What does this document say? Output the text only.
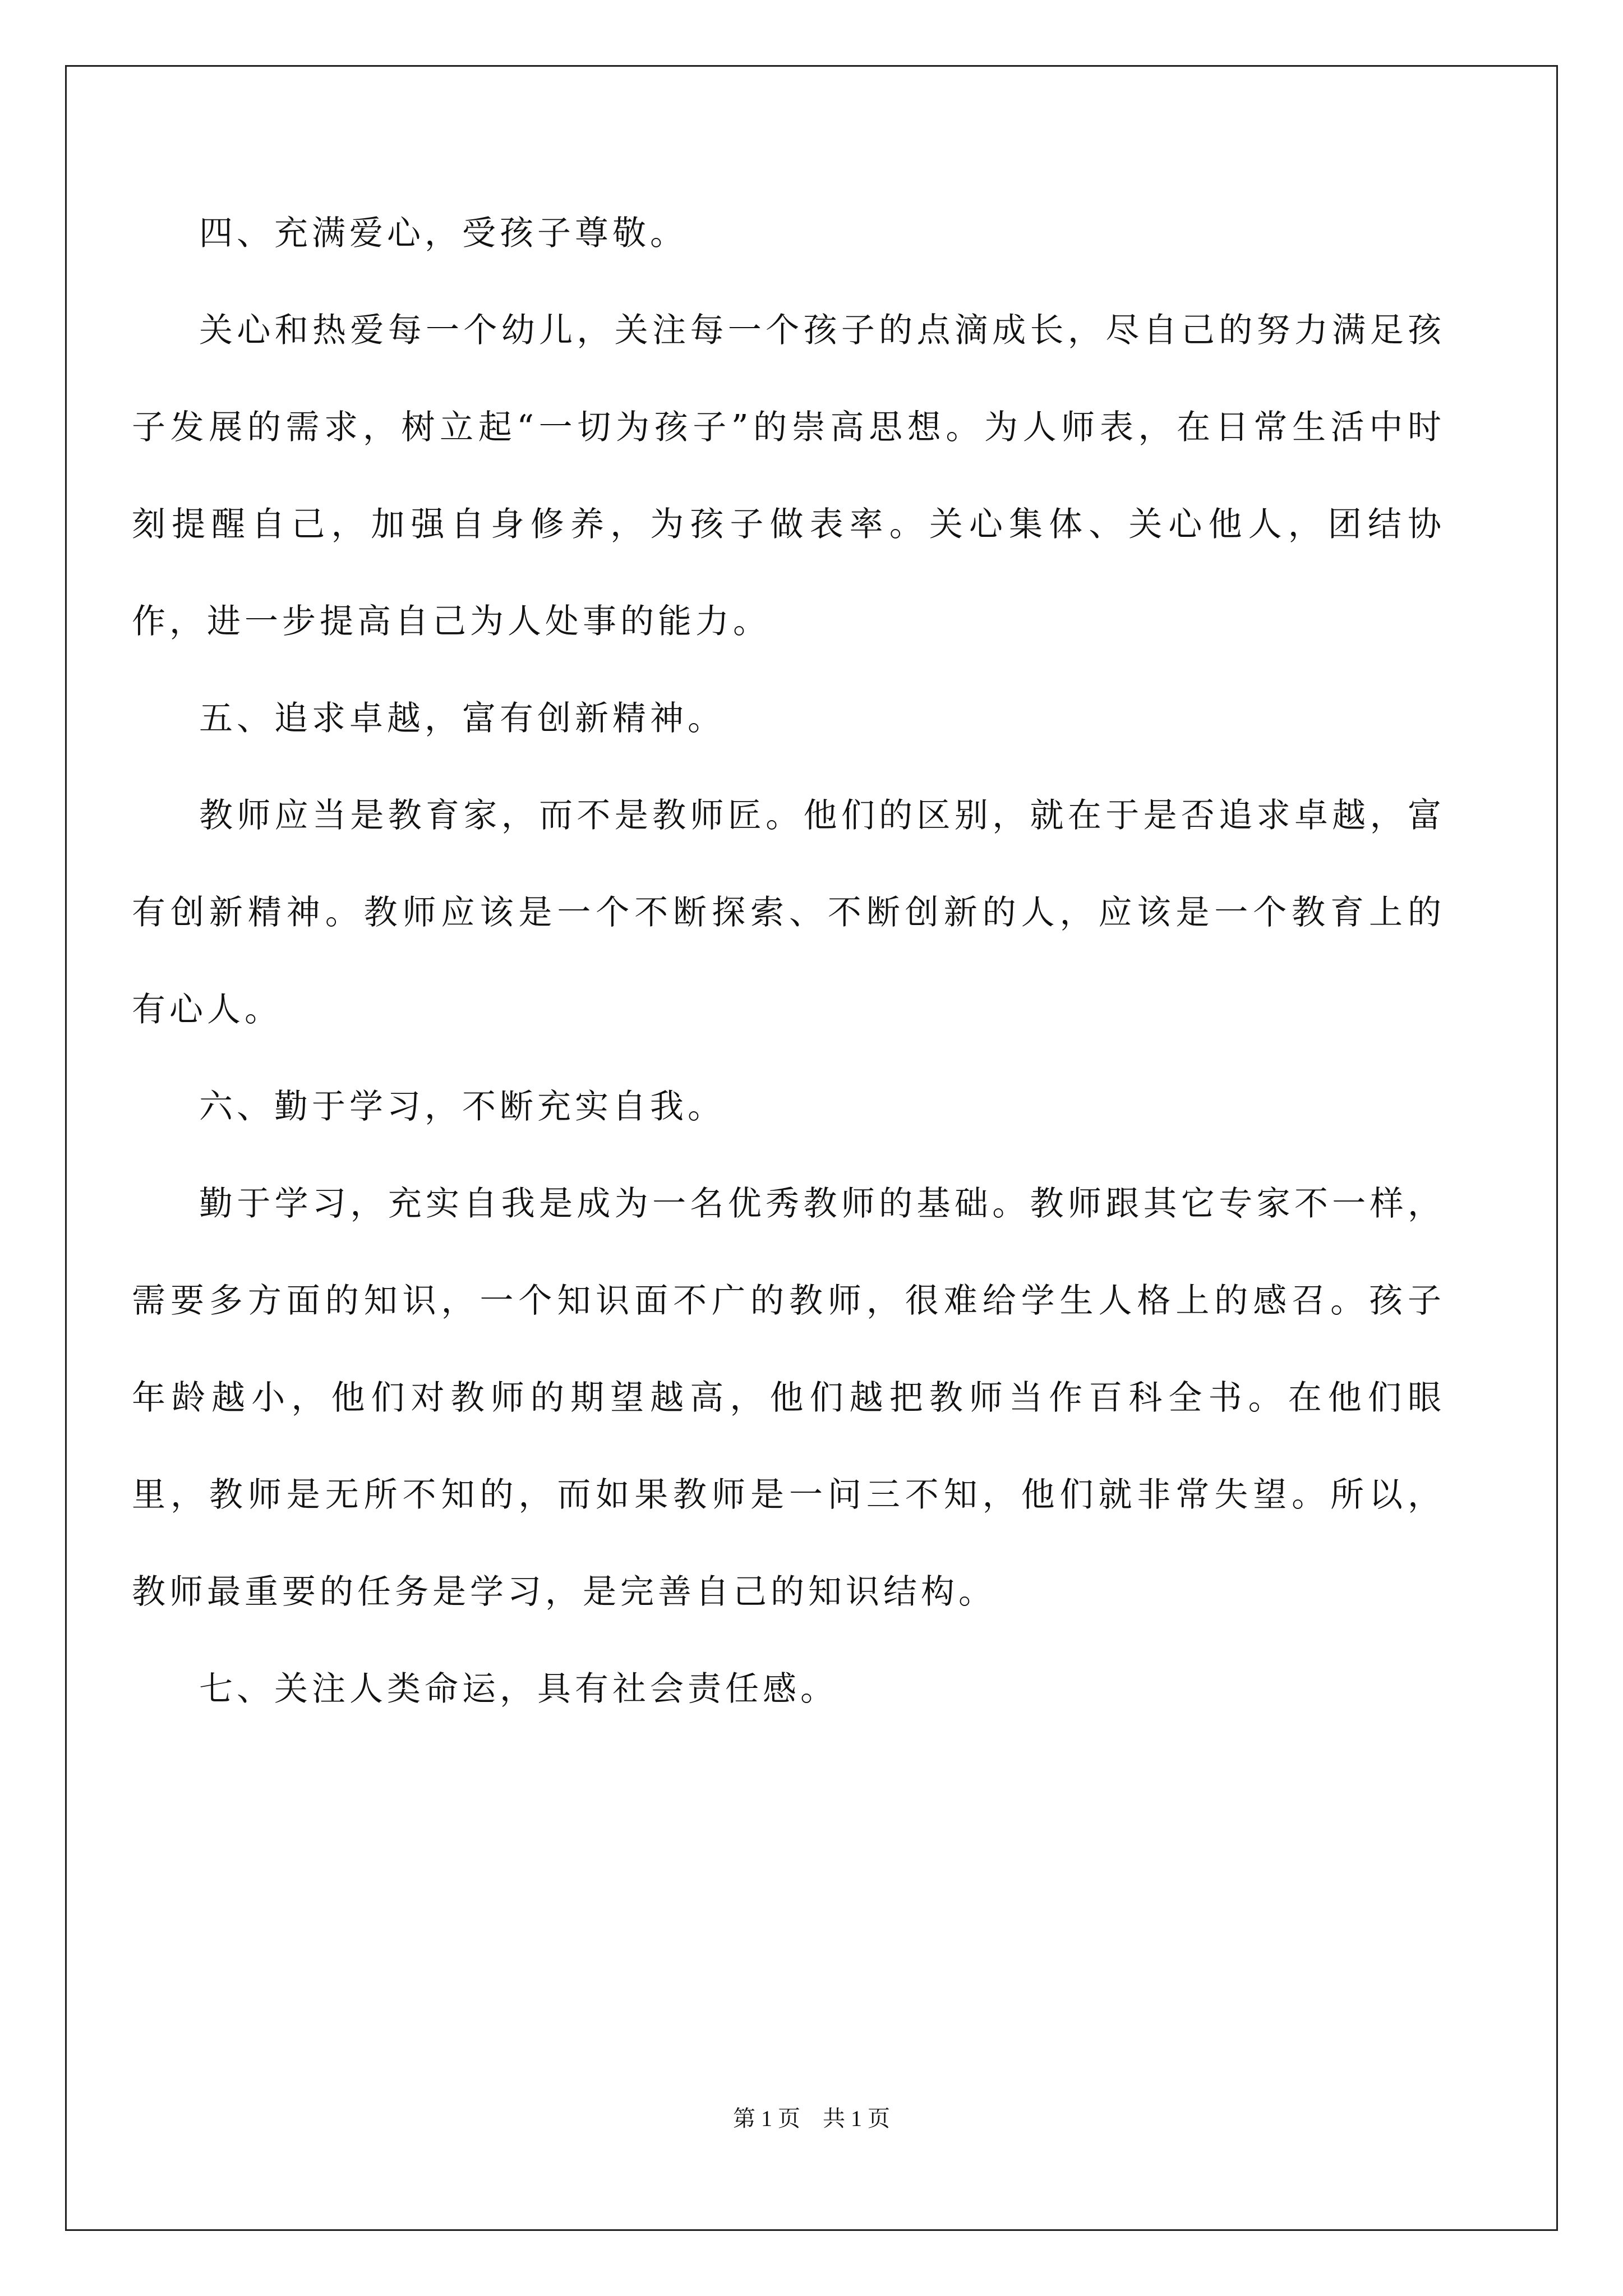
四、充满爱心，受孩子尊敬。

关心和热爱每一个幼儿，关注每一个孩子的点滴成长，尽自己的努力满足孩子发展的需求，树立起“一切为孩子”的崇高思想。为人师表，在日常生活中时刻提醒自己，加强自身修养，为孩子做表率。关心集体、关心他人，团结协作，进一步提高自己为人处事的能力。

五、追求卓越，富有创新精神。

教师应当是教育家，而不是教师匠。他们的区别，就在于是否追求卓越，富有创新精神。教师应该是一个不断探索、不断创新的人，应该是一个教育上的有心人。

六、勤于学习，不断充实自我。

勤于学习，充实自我是成为一名优秀教师的基础。教师跟其它专家不一样，需要多方面的知识，一个知识面不广的教师，很难给学生人格上的感召。孩子年龄越小，他们对教师的期望越高，他们越把教师当作百科全书。在他们眼里，教师是无所不知的，而如果教师是一问三不知，他们就非常失望。所以，教师最重要的任务是学习，是完善自己的知识结构。

七、关注人类命运，具有社会责任感。

第 1 页　共 1 页
